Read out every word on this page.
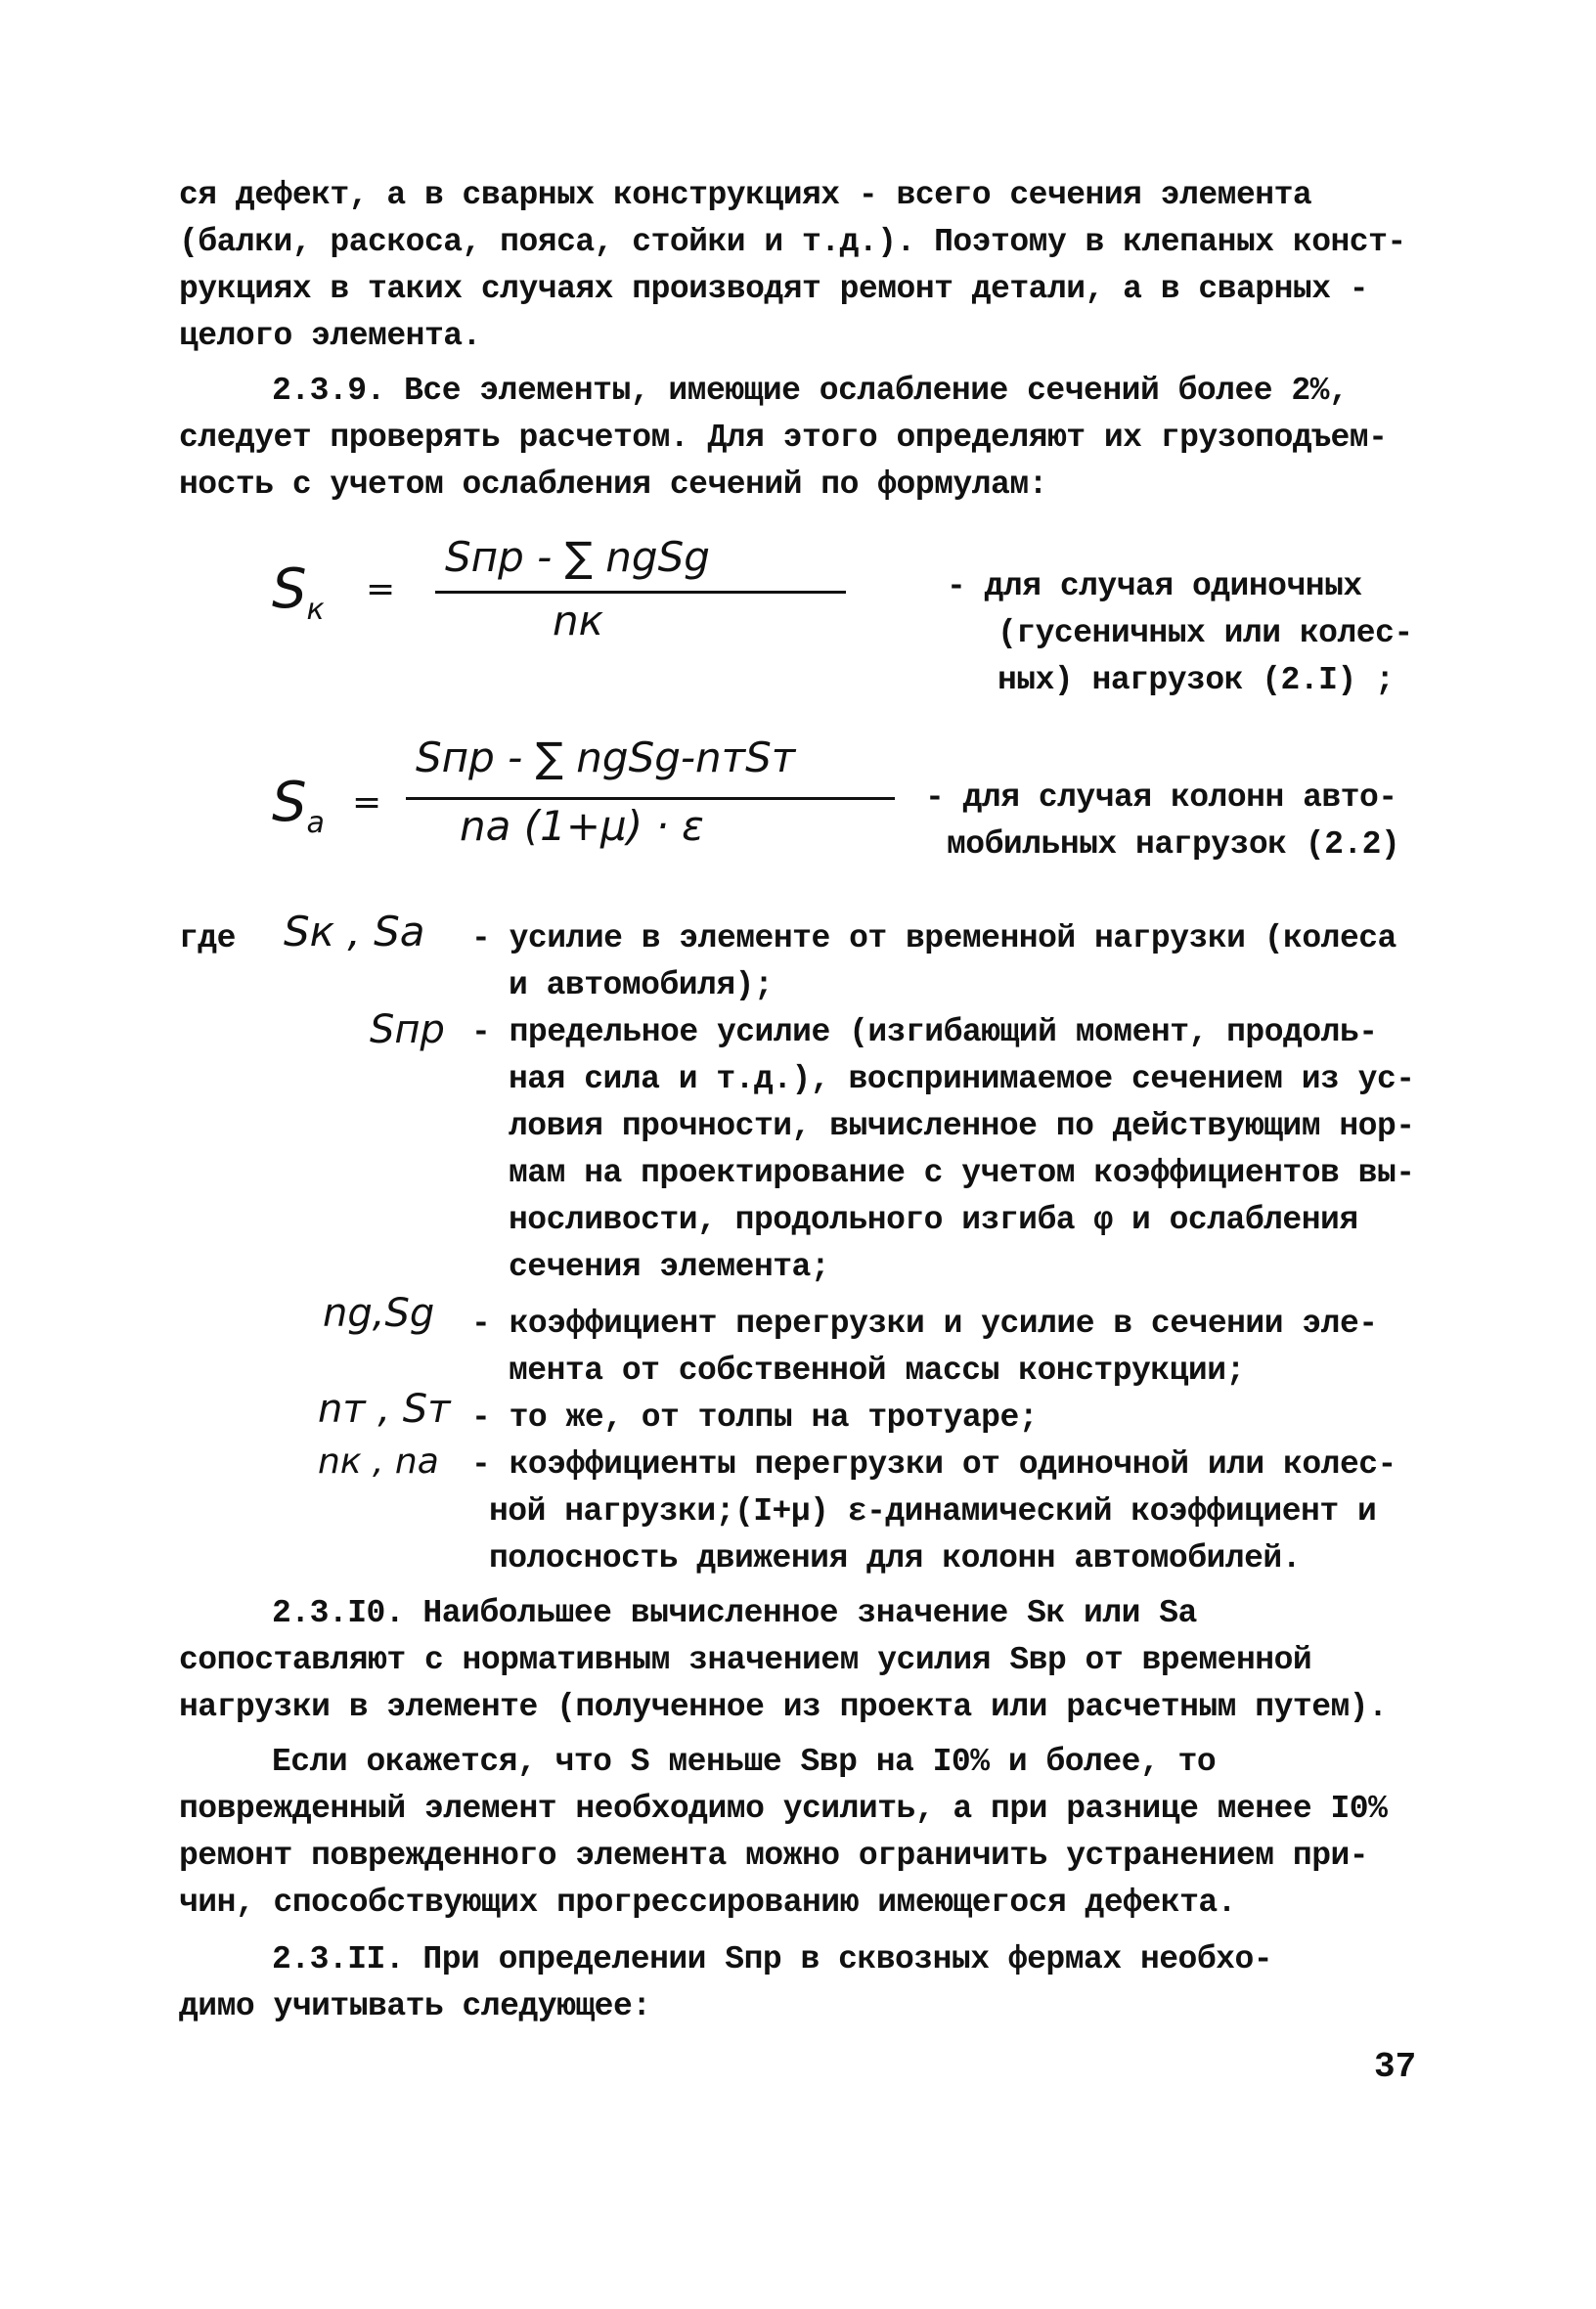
ся дефект, а в сварных конструкциях - всего сечения элемента
(балки, раскоса, пояса, стойки и т.д.). Поэтому в клепаных конст-
рукциях в таких случаях производят ремонт детали, а в сварных -
целого элемента.
2.3.9. Все элементы, имеющие ослабление сечений более 2%,
следует проверять расчетом. Для этого определяют их грузоподъем-
ность с учетом ослабления сечений по формулам:
$S_к$
=
Sпр - ∑ ngSg
nк
- для случая одиночных
(гусеничных или колес-
ных) нагрузок (2.I) ;
$S_а$
=
Sпр - ∑ ngSg-nтSт
nа (1+μ) · ε
- для случая колонн авто-
мобильных нагрузок (2.2)
где Sк , Sа - усилие в элементе от временной нагрузки (колеса
и автомобиля);
Sпр - предельное усилие (изгибающий момент, продоль-
ная сила и т.д.), воспринимаемое сечением из ус-
ловия прочности, вычисленное по действующим нор-
мам на проектирование с учетом коэффициентов вы-
носливости, продольного изгиба φ и ослабления
сечения элемента;
ng,Sg - коэффициент перегрузки и усилие в сечении эле-
мента от собственной массы конструкции;
nт , Sт - то же, от толпы на тротуаре;
nк , nа - коэффициенты перегрузки от одиночной или колес-
ной нагрузки;(I+μ) ε-динамический коэффициент и
полосность движения для колонн автомобилей.
2.3.I0. Наибольшее вычисленное значение Sк или Sа
сопоставляют с нормативным значением усилия Sвр от временной
нагрузки в элементе (полученное из проекта или расчетным путем).
Если окажется, что S меньше Sвр на I0% и более, то
поврежденный элемент необходимо усилить, а при разнице менее I0%
ремонт поврежденного элемента можно ограничить устранением при-
чин, способствующих прогрессированию имеющегося дефекта.
2.3.II. При определении Sпр в сквозных фермах необхо-
димо учитывать следующее:
37
